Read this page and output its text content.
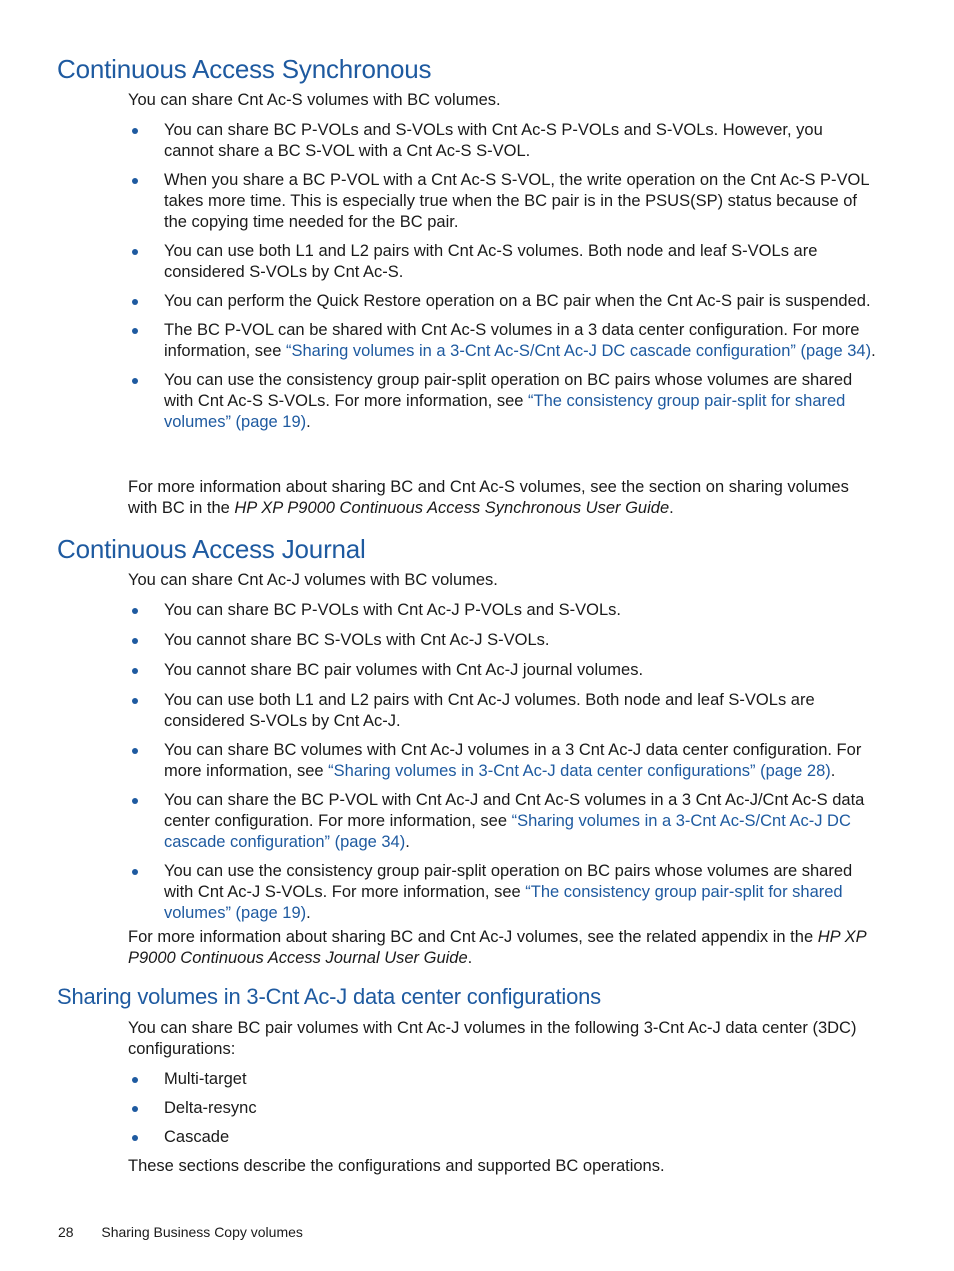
Continuous Access Synchronous

You can share Cnt Ac-S volumes with BC volumes.

You can share BC P-VOLs and S-VOLs with Cnt Ac-S P-VOLs and S-VOLs. However, you cannot share a BC S-VOL with a Cnt Ac-S S-VOL.
When you share a BC P-VOL with a Cnt Ac-S S-VOL, the write operation on the Cnt Ac-S P-VOL takes more time. This is especially true when the BC pair is in the PSUS(SP) status because of the copying time needed for the BC pair.
You can use both L1 and L2 pairs with Cnt Ac-S volumes. Both node and leaf S-VOLs are considered S-VOLs by Cnt Ac-S.
You can perform the Quick Restore operation on a BC pair when the Cnt Ac-S pair is suspended.
The BC P-VOL can be shared with Cnt Ac-S volumes in a 3 data center configuration. For more information, see “Sharing volumes in a 3-Cnt Ac-S/Cnt Ac-J DC cascade configuration” (page 34).
You can use the consistency group pair-split operation on BC pairs whose volumes are shared with Cnt Ac-S S-VOLs. For more information, see “The consistency group pair-split for shared volumes” (page 19).

For more information about sharing BC and Cnt Ac-S volumes, see the section on sharing volumes with BC in the HP XP P9000 Continuous Access Synchronous User Guide.

Continuous Access Journal

You can share Cnt Ac-J volumes with BC volumes.

You can share BC P-VOLs with Cnt Ac-J P-VOLs and S-VOLs.
You cannot share BC S-VOLs with Cnt Ac-J S-VOLs.
You cannot share BC pair volumes with Cnt Ac-J journal volumes.
You can use both L1 and L2 pairs with Cnt Ac-J volumes. Both node and leaf S-VOLs are considered S-VOLs by Cnt Ac-J.
You can share BC volumes with Cnt Ac-J volumes in a 3 Cnt Ac-J data center configuration. For more information, see “Sharing volumes in 3-Cnt Ac-J data center configurations” (page 28).
You can share the BC P-VOL with Cnt Ac-J and Cnt Ac-S volumes in a 3 Cnt Ac-J/Cnt Ac-S data center configuration. For more information, see “Sharing volumes in a 3-Cnt Ac-S/Cnt Ac-J DC cascade configuration” (page 34).
You can use the consistency group pair-split operation on BC pairs whose volumes are shared with Cnt Ac-J S-VOLs. For more information, see “The consistency group pair-split for shared volumes” (page 19).

For more information about sharing BC and Cnt Ac-J volumes, see the related appendix in the HP XP P9000 Continuous Access Journal User Guide.

Sharing volumes in 3-Cnt Ac-J data center configurations

You can share BC pair volumes with Cnt Ac-J volumes in the following 3-Cnt Ac-J data center (3DC) configurations:

Multi-target
Delta-resync
Cascade

These sections describe the configurations and supported BC operations.

28 Sharing Business Copy volumes
